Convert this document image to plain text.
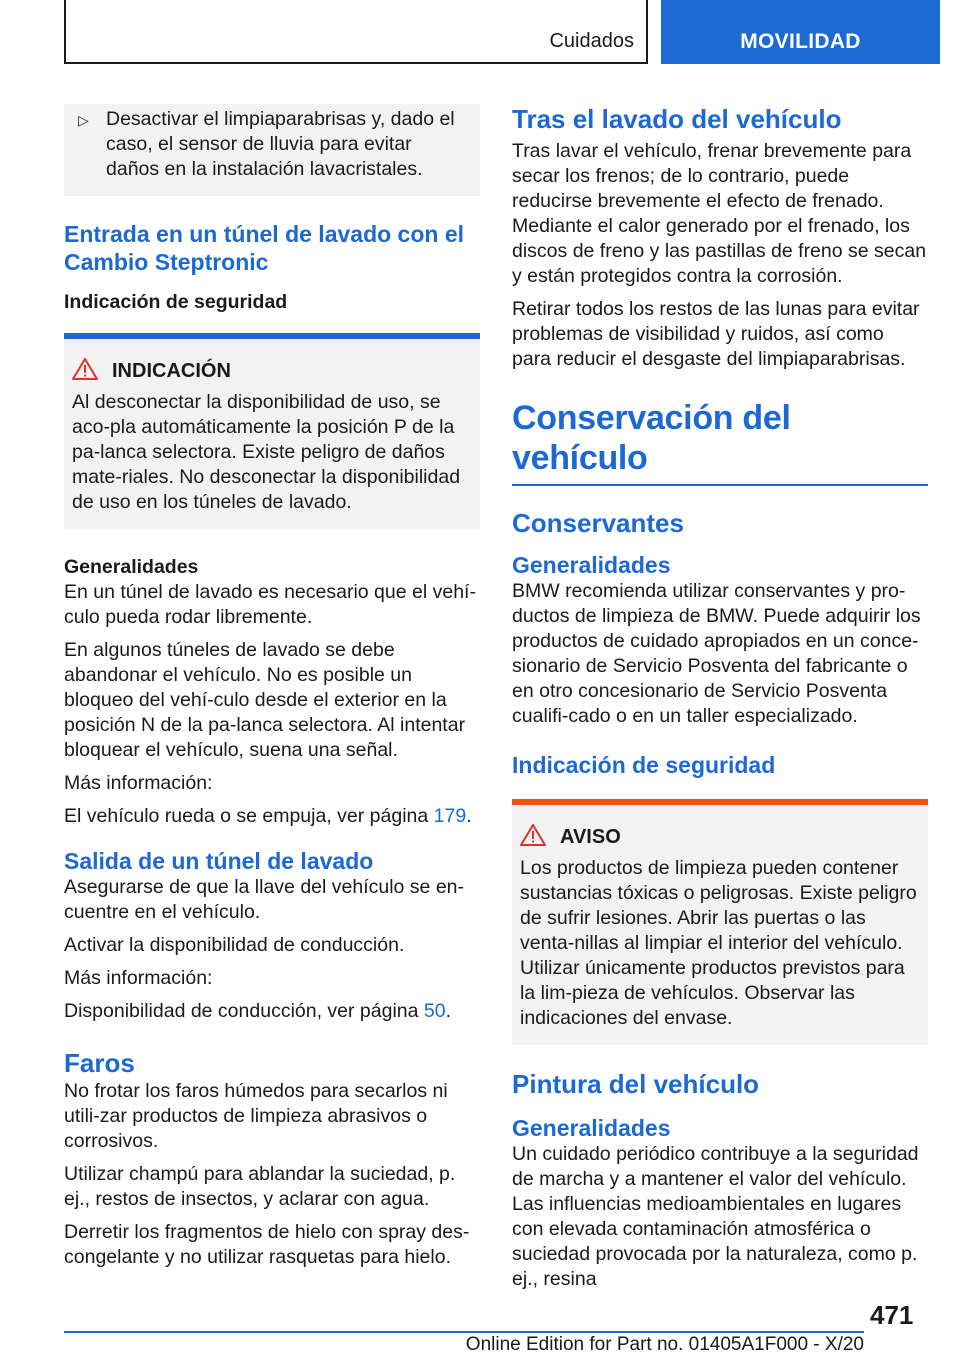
Cuidados	MOVILIDAD
▷ Desactivar el limpiaparabrisas y, dado el caso, el sensor de lluvia para evitar daños en la instalación lavacristales.
Entrada en un túnel de lavado con el Cambio Steptronic
Indicación de seguridad
INDICACIÓN
Al desconectar la disponibilidad de uso, se aco-pla automáticamente la posición P de la pa-lanca selectora. Existe peligro de daños mate-riales. No desconectar la disponibilidad de uso en los túneles de lavado.
Generalidades

En un túnel de lavado es necesario que el vehí-culo pueda rodar libremente.

En algunos túneles de lavado se debe abandonar el vehículo. No es posible un bloqueo del vehí-culo desde el exterior en la posición N de la pa-lanca selectora. Al intentar bloquear el vehículo, suena una señal.

Más información:

El vehículo rueda o se empuja, ver página 179.

Salida de un túnel de lavado

Asegurarse de que la llave del vehículo se en-cuentre en el vehículo.

Activar la disponibilidad de conducción.

Más información:

Disponibilidad de conducción, ver página 50.

Faros

No frotar los faros húmedos para secarlos ni utili-zar productos de limpieza abrasivos o corrosivos.

Utilizar champú para ablandar la suciedad, p. ej., restos de insectos, y aclarar con agua.

Derretir los fragmentos de hielo con spray des-congelante y no utilizar rasquetas para hielo.

Tras el lavado del vehículo

Tras lavar el vehículo, frenar brevemente para secar los frenos; de lo contrario, puede reducirse brevemente el efecto de frenado. Mediante el calor generado por el frenado, los discos de freno y las pastillas de freno se secan y están protegidos contra la corrosión.

Retirar todos los restos de las lunas para evitar problemas de visibilidad y ruidos, así como para reducir el desgaste del limpiaparabrisas.

Conservación del vehículo
Conservantes
Generalidades

BMW recomienda utilizar conservantes y pro-ductos de limpieza de BMW. Puede adquirir los productos de cuidado apropiados en un conce-sionario de Servicio Posventa del fabricante o en otro concesionario de Servicio Posventa cualifi-cado o en un taller especializado.

Indicación de seguridad
AVISO
Los productos de limpieza pueden contener sustancias tóxicas o peligrosas. Existe peligro de sufrir lesiones. Abrir las puertas o las venta-nillas al limpiar el interior del vehículo. Utilizar únicamente productos previstos para la lim-pieza de vehículos. Observar las indicaciones del envase.
Pintura del vehículo
Generalidades

Un cuidado periódico contribuye a la seguridad de marcha y a mantener el valor del vehículo. Las influencias medioambientales en lugares con elevada contaminación atmosférica o suciedad provocada por la naturaleza, como p. ej., resina

471
Online Edition for Part no. 01405A1F000 - X/20
